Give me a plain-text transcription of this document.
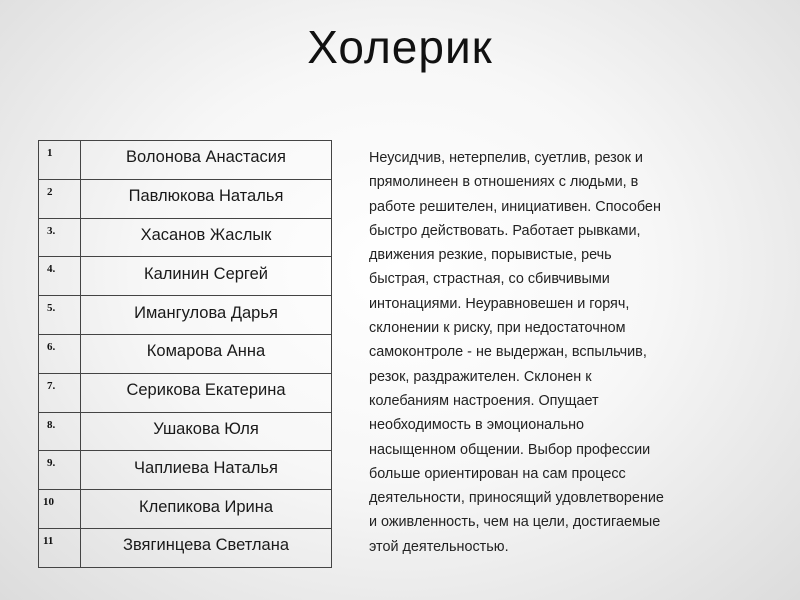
Холерик
1	Волонова Анастасия
2	Павлюкова Наталья
3.	Хасанов Жаслык
4.	Калинин Сергей
5.	Имангулова Дарья
6.	Комарова Анна
7.	Серикова Екатерина
8.	Ушакова Юля
9.	Чаплиева Наталья
10	Клепикова Ирина
11	Звягинцева Светлана
Неусидчив, нетерпелив, суетлив, резок и
прямолинеен в отношениях с людьми, в
работе решителен, инициативен. Способен
быстро действовать. Работает рывками,
движения резкие, порывистые, речь
быстрая, страстная, со сбивчивыми
интонациями. Неуравновешен и горяч,
склонении к риску, при недостаточном
самоконтроле - не выдержан, вспыльчив,
резок, раздражителен. Склонен к
колебаниям настроения. Опущает
необходимость в эмоционально
насыщенном общении. Выбор профессии
больше ориентирован на сам процесс
деятельности, приносящий удовлетворение
и оживленность, чем на цели, достигаемые
этой деятельностью.
